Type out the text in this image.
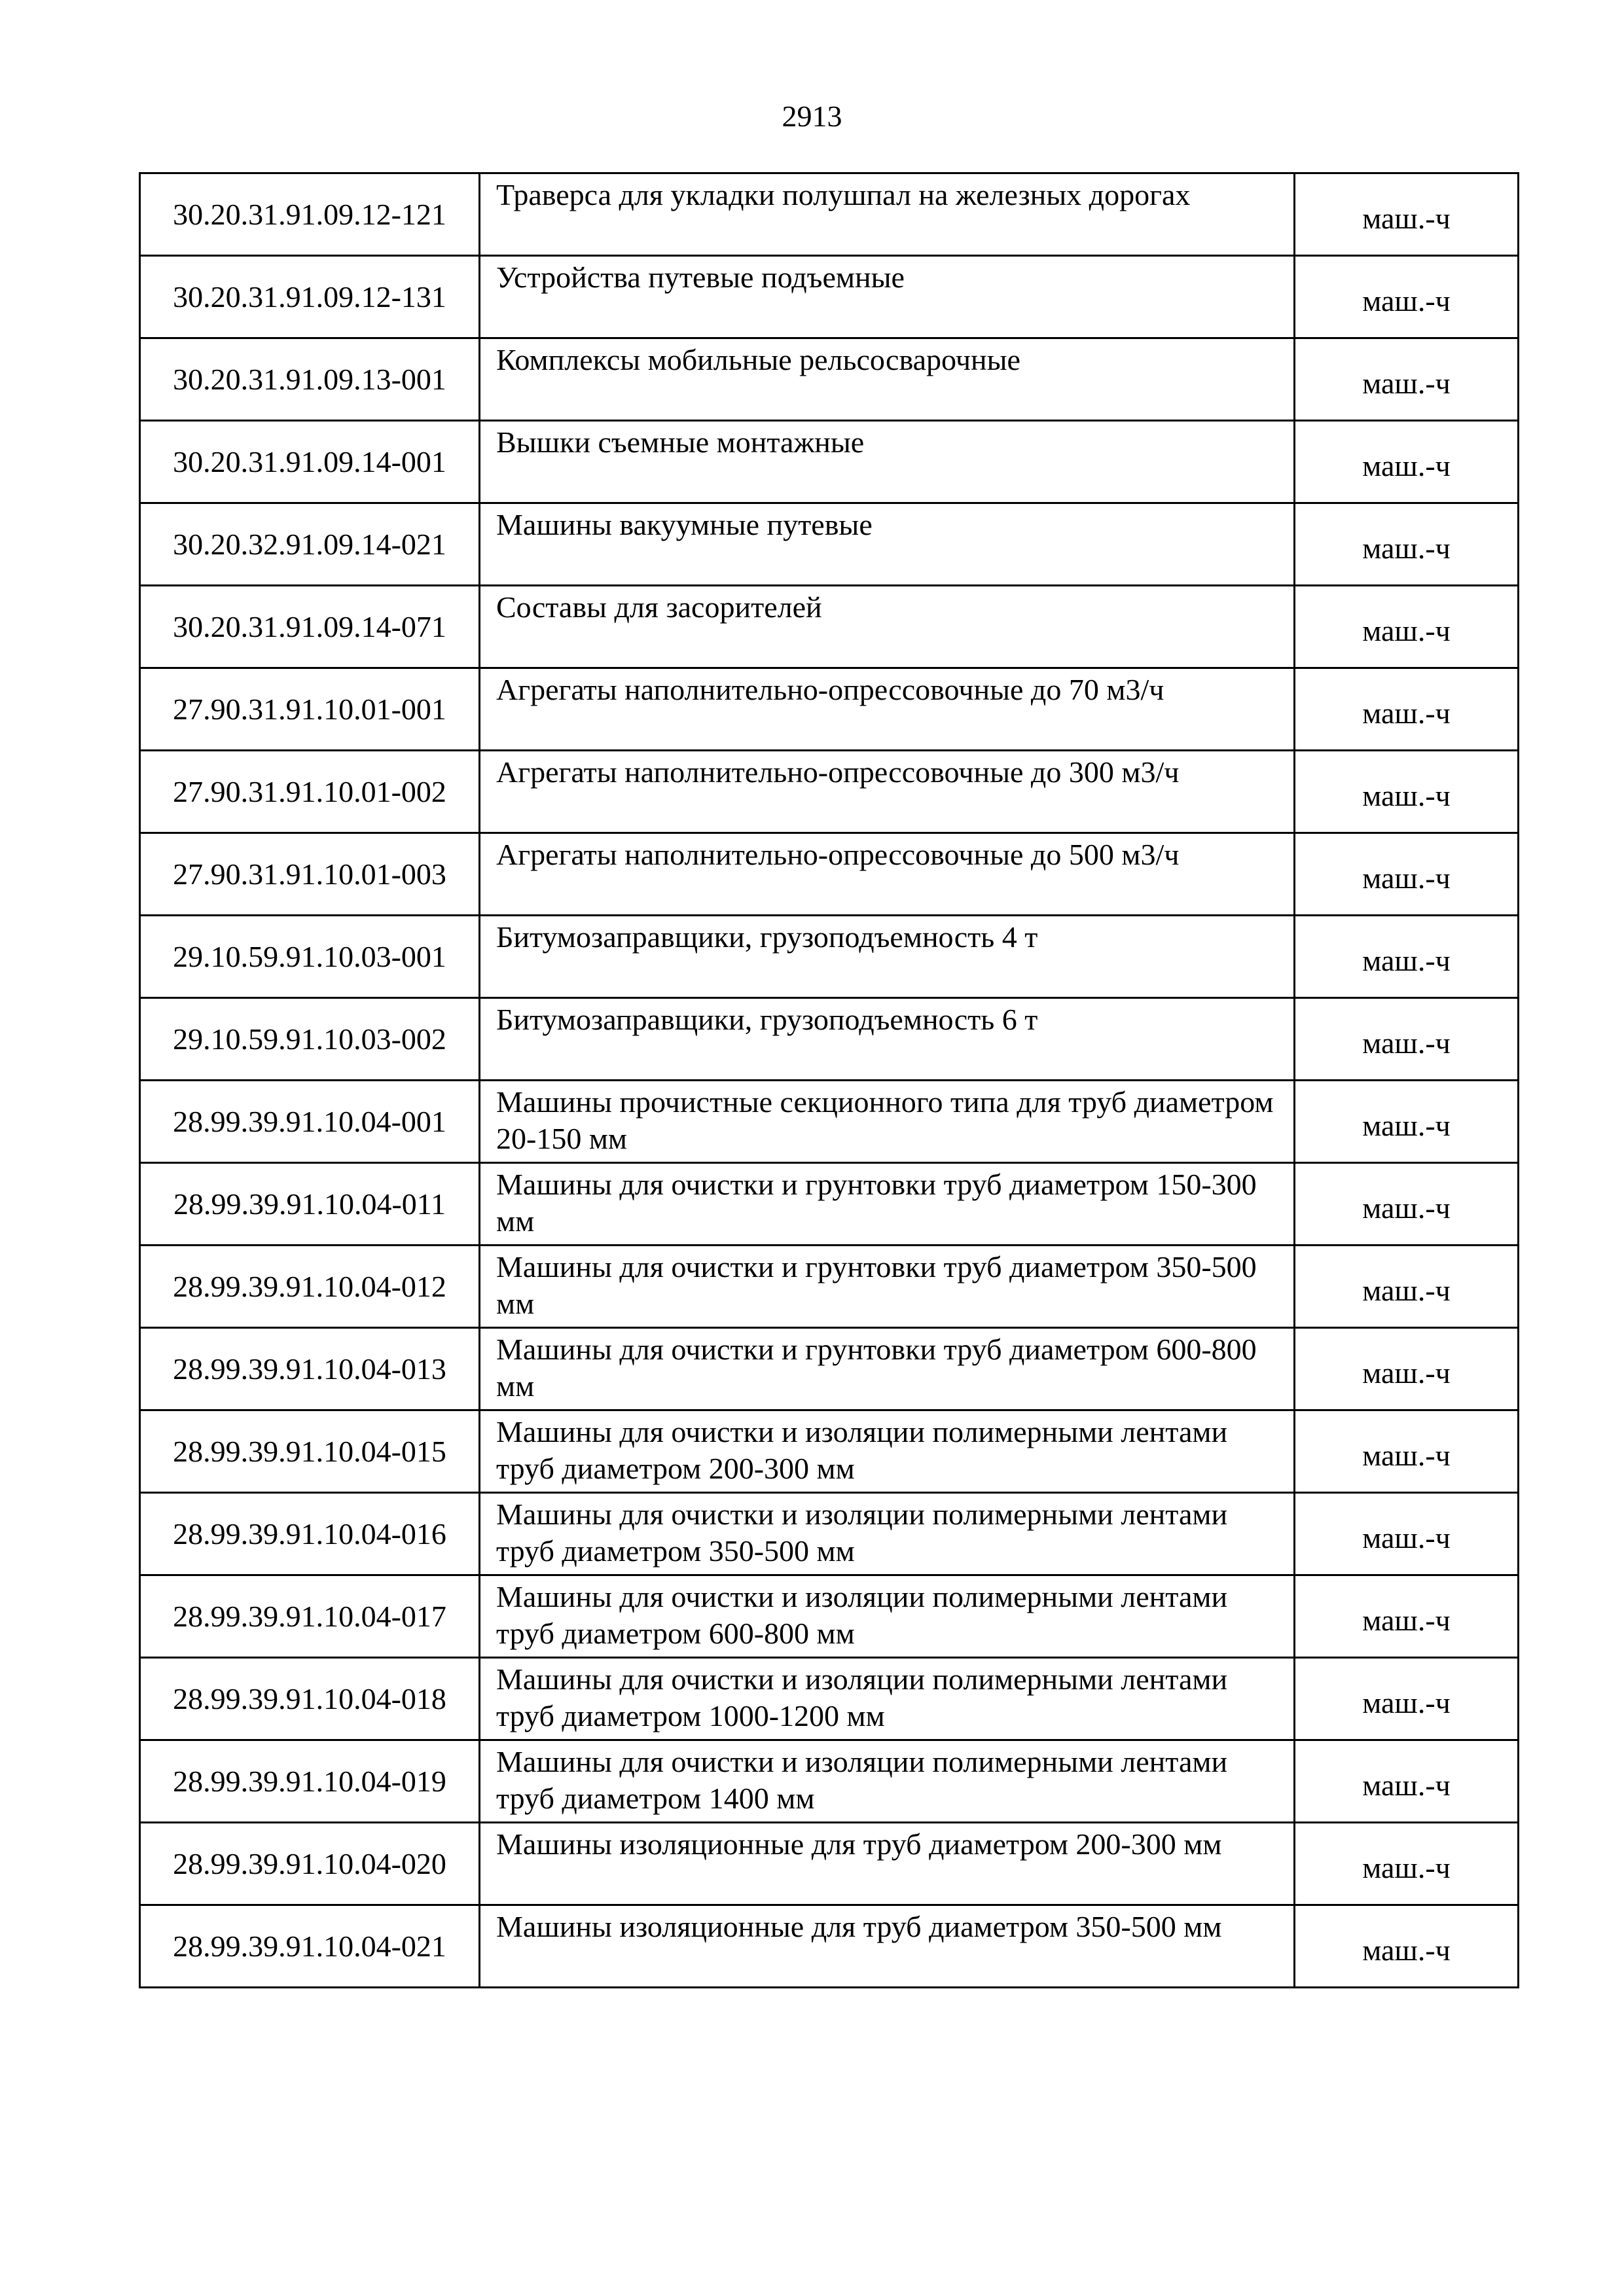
2913
30.20.31.91.09.12-121	Траверса для укладки полушпал на железных дорогах	маш.-ч
30.20.31.91.09.12-131	Устройства путевые подъемные	маш.-ч
30.20.31.91.09.13-001	Комплексы мобильные рельсосварочные	маш.-ч
30.20.31.91.09.14-001	Вышки съемные монтажные	маш.-ч
30.20.32.91.09.14-021	Машины вакуумные путевые	маш.-ч
30.20.31.91.09.14-071	Составы для засорителей	маш.-ч
27.90.31.91.10.01-001	Агрегаты наполнительно-опрессовочные до 70 м3/ч	маш.-ч
27.90.31.91.10.01-002	Агрегаты наполнительно-опрессовочные до 300 м3/ч	маш.-ч
27.90.31.91.10.01-003	Агрегаты наполнительно-опрессовочные до 500 м3/ч	маш.-ч
29.10.59.91.10.03-001	Битумозаправщики, грузоподъемность 4 т	маш.-ч
29.10.59.91.10.03-002	Битумозаправщики, грузоподъемность 6 т	маш.-ч
28.99.39.91.10.04-001	Машины прочистные секционного типа для труб диаметром 20-150 мм	маш.-ч
28.99.39.91.10.04-011	Машины для очистки и грунтовки труб диаметром 150-300 мм	маш.-ч
28.99.39.91.10.04-012	Машины для очистки и грунтовки труб диаметром 350-500 мм	маш.-ч
28.99.39.91.10.04-013	Машины для очистки и грунтовки труб диаметром 600-800 мм	маш.-ч
28.99.39.91.10.04-015	Машины для очистки и изоляции полимерными лентами труб диаметром 200-300 мм	маш.-ч
28.99.39.91.10.04-016	Машины для очистки и изоляции полимерными лентами труб диаметром 350-500 мм	маш.-ч
28.99.39.91.10.04-017	Машины для очистки и изоляции полимерными лентами труб диаметром 600-800 мм	маш.-ч
28.99.39.91.10.04-018	Машины для очистки и изоляции полимерными лентами труб диаметром 1000-1200 мм	маш.-ч
28.99.39.91.10.04-019	Машины для очистки и изоляции полимерными лентами труб диаметром 1400 мм	маш.-ч
28.99.39.91.10.04-020	Машины изоляционные для труб диаметром 200-300 мм	маш.-ч
28.99.39.91.10.04-021	Машины изоляционные для труб диаметром 350-500 мм	маш.-ч
